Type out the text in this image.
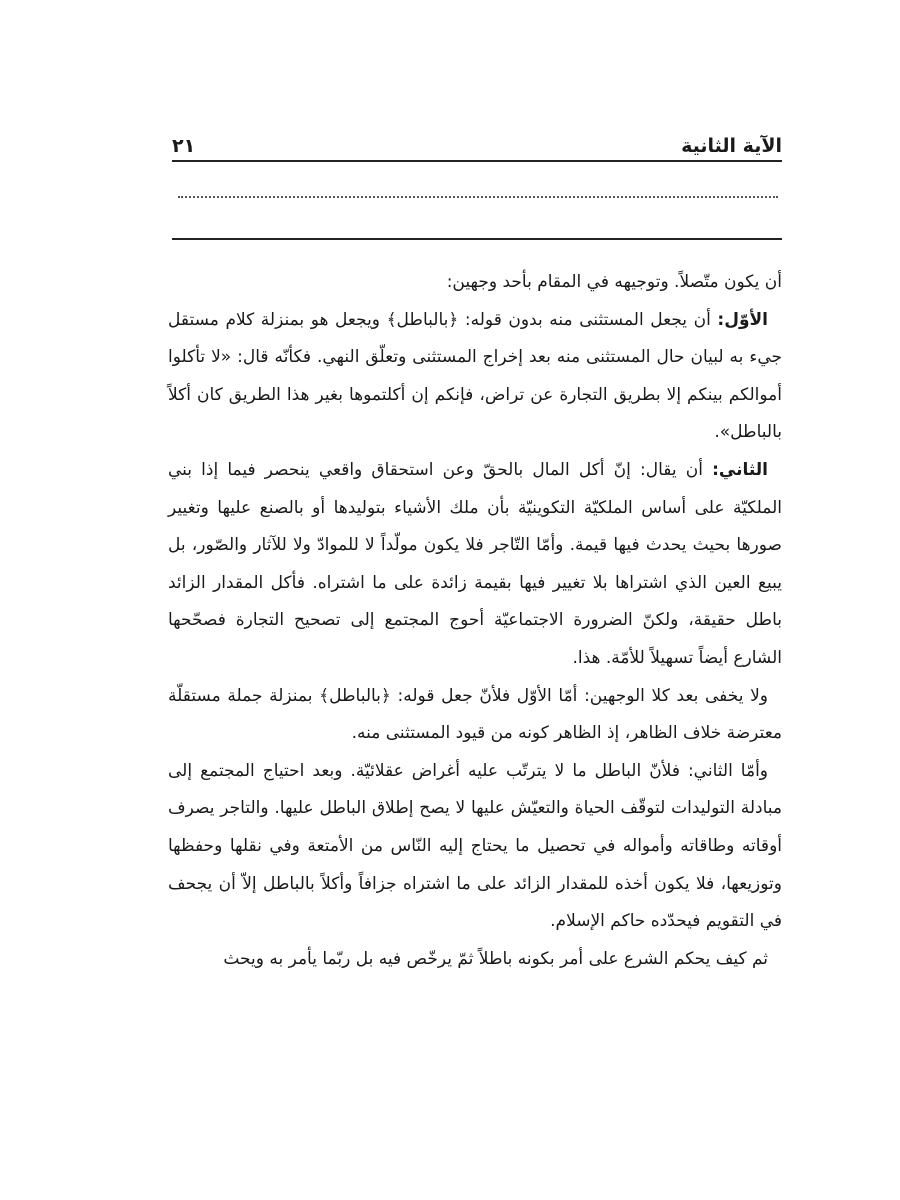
الآية الثانية
٢١

أن يكون متّصلاً. وتوجيهه في المقام بأحد وجهين:

الأوّل: أن يجعل المستثنى منه بدون قوله: ﴿بالباطل﴾ ويجعل هو بمنزلة كلام مستقل جيء به لبيان حال المستثنى منه بعد إخراج المستثنى وتعلّق النهي. فكأنّه قال: «لا تأكلوا أموالكم بينكم إلا بطريق التجارة عن تراض، فإنكم إن أكلتموها بغير هذا الطريق كان أكلاً بالباطل».

الثاني: أن يقال: إنّ أكل المال بالحقّ وعن استحقاق واقعي ينحصر فيما إذا بني الملكيّة على أساس الملكيّة التكوينيّة بأن ملك الأشياء بتوليدها أو بالصنع عليها وتغيير صورها بحيث يحدث فيها قيمة. وأمّا التّاجر فلا يكون مولّداً لا للموادّ ولا للآثار والصّور، بل يبيع العين الذي اشتراها بلا تغيير فيها بقيمة زائدة على ما اشتراه. فأكل المقدار الزائد باطل حقيقة، ولكنّ الضرورة الاجتماعيّة أحوج المجتمع إلى تصحيح التجارة فصحّحها الشارع أيضاً تسهيلاً للأمّة. هذا.

ولا يخفى بعد كلا الوجهين: أمّا الأوّل فلأنّ جعل قوله: ﴿بالباطل﴾ بمنزلة جملة مستقلّة معترضة خلاف الظاهر، إذ الظاهر كونه من قيود المستثنى منه.

وأمّا الثاني: فلأنّ الباطل ما لا يترتّب عليه أغراض عقلائيّة. وبعد احتياج المجتمع إلى مبادلة التوليدات لتوقّف الحياة والتعيّش عليها لا يصح إطلاق الباطل عليها. والتاجر يصرف أوقاته وطاقاته وأمواله في تحصيل ما يحتاج إليه النّاس من الأمتعة وفي نقلها وحفظها وتوزيعها، فلا يكون أخذه للمقدار الزائد على ما اشتراه جزافاً وأكلاً بالباطل إلاّ أن يجحف في التقويم فيحدّده حاكم الإسلام.

ثم كيف يحكم الشرع على أمر بكونه باطلاً ثمّ يرخّص فيه بل ربّما يأمر به ويحث
